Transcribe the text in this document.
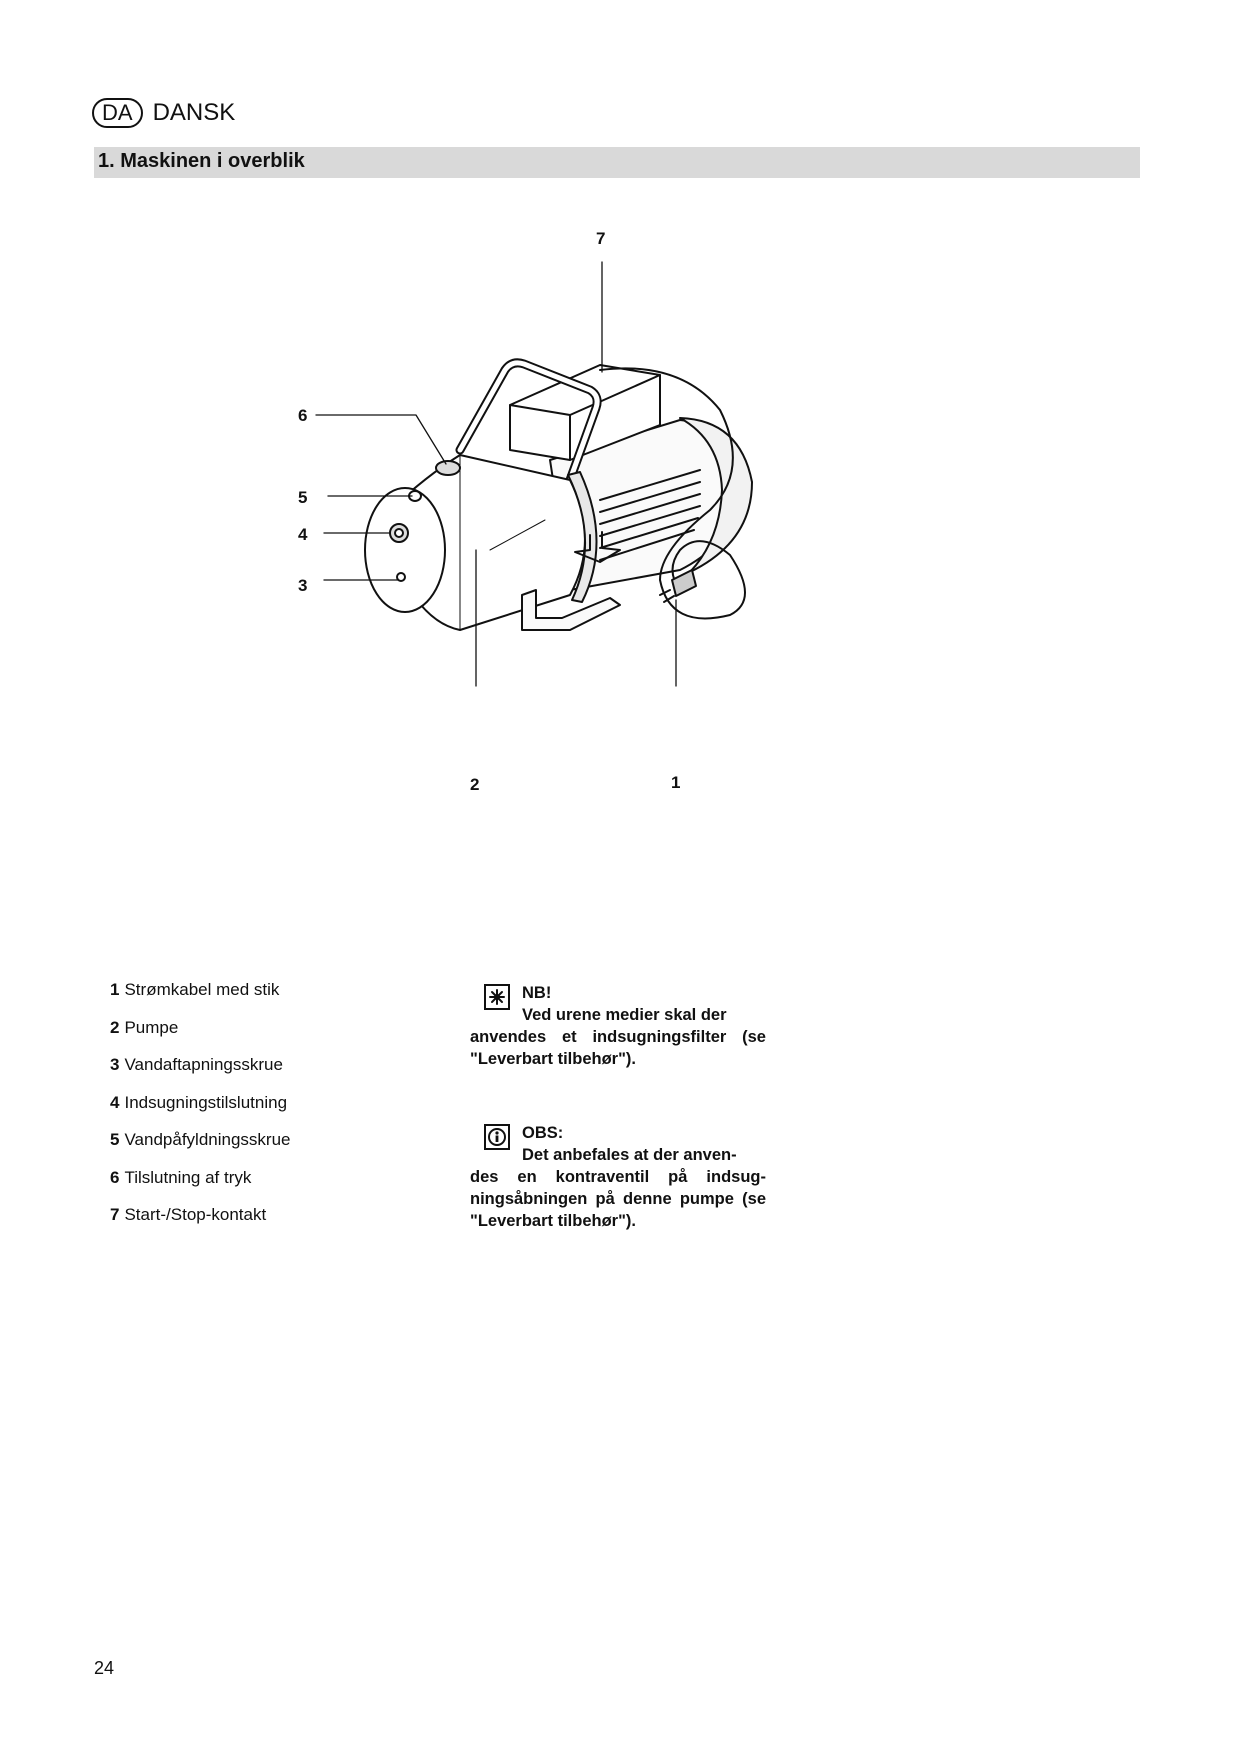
DA DANSK
1. Maskinen i overblik
7
6
5
4
3
2	1
1 Strømkabel med stik
2 Pumpe
3 Vandaftapningsskrue
4 Indsugningstilslutning
5 Vandpåfyldningsskrue
6 Tilslutning af tryk
7 Start-/Stop-kontakt
NB!
Ved urene medier skal der
anvendes et indsugningsfilter (se "Leverbart tilbehør").
OBS:
Det anbefales at der anven-
des en kontraventil på indsug-ningsåbningen på denne pumpe (se "Leverbart tilbehør").
24
